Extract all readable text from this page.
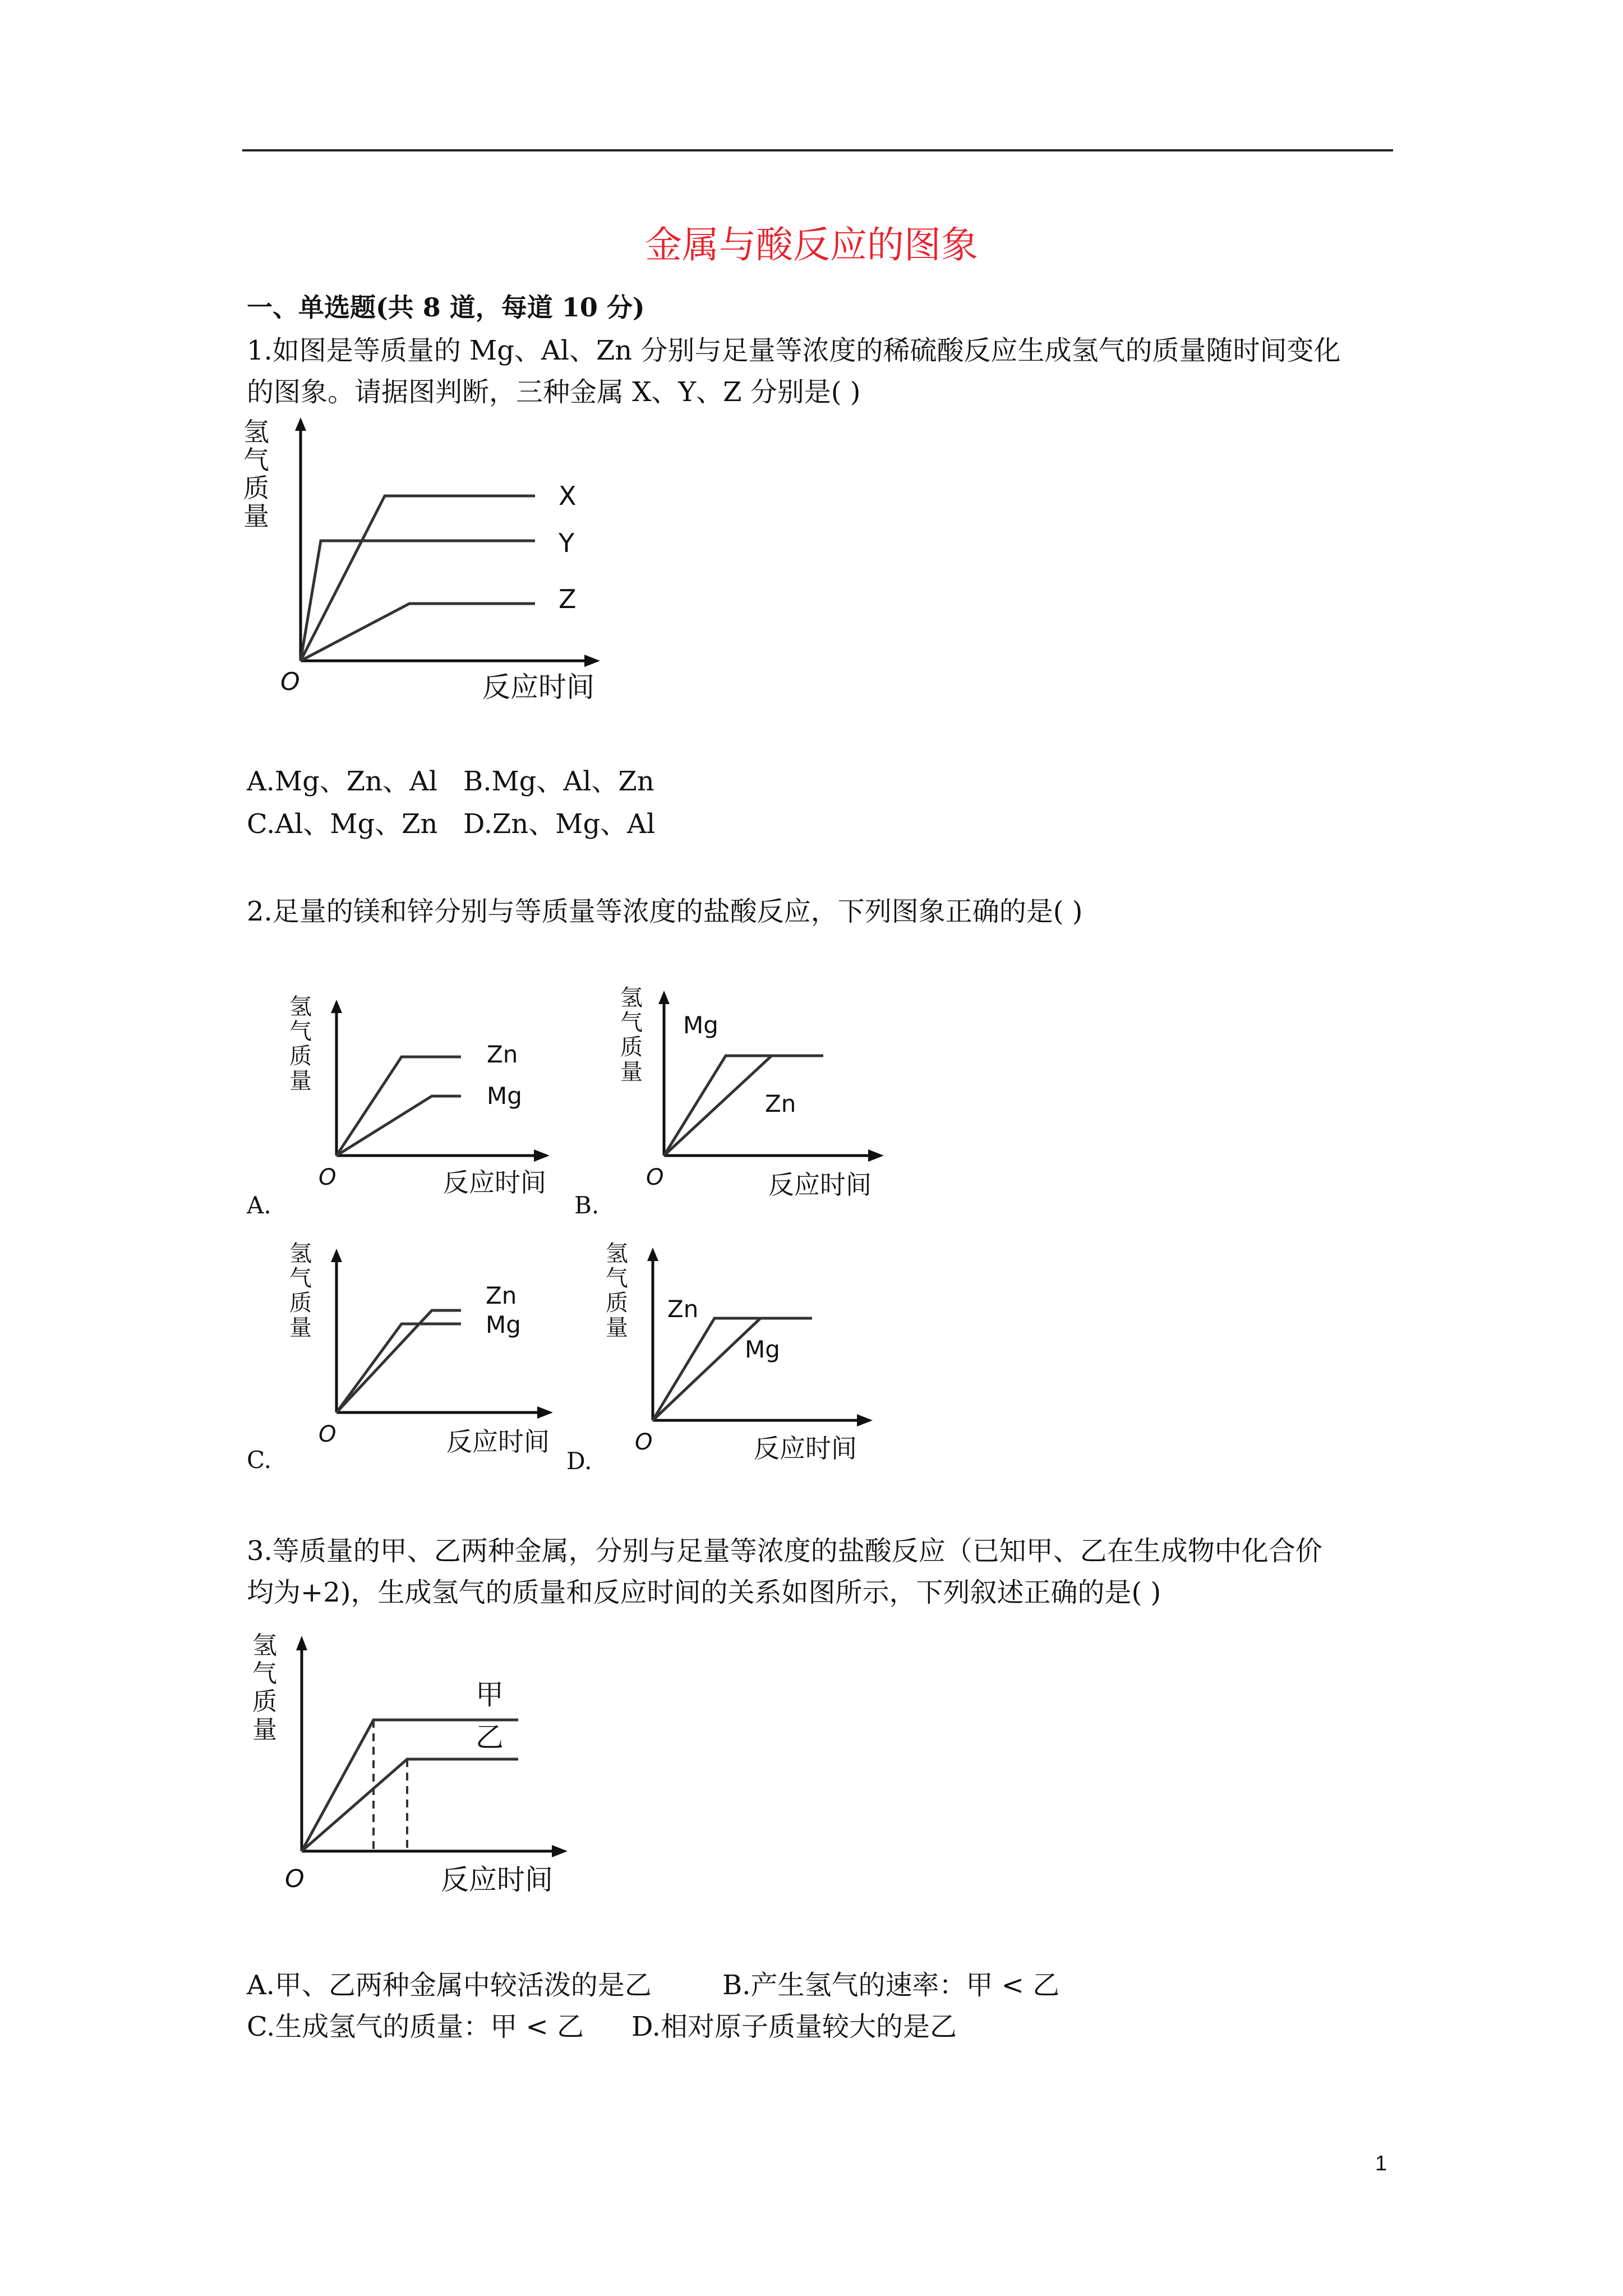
金属与酸反应的图象
一、单选题(共 8 道，每道 10 分)
1.如图是等质量的 Mg、Al、Zn 分别与足量等浓度的稀硫酸反应生成氢气的质量随时间变化
的图象。请据图判断，三种金属 X、Y、Z 分别是( )
氢
气
质
量
X
Y
Z
O	反应时间
A.Mg、Zn、Al B.Mg、Al、Zn
C.Al、Mg、Zn D.Zn、Mg、Al
2.足量的镁和锌分别与等质量等浓度的盐酸反应，下列图象正确的是( )
氢
气
质
量
Zn
Mg
O	反应时间
A.
氢
气
质
量
Mg
Zn
O	反应时间
B.
氢
气
质
量
Zn
Mg
O	反应时间
C.
氢
气
质
量
Zn
Mg
O	反应时间
D.
3.等质量的甲、乙两种金属，分别与足量等浓度的盐酸反应（已知甲、乙在生成物中化合价
均为+2)，生成氢气的质量和反应时间的关系如图所示，下列叙述正确的是( )
氢
气
质
量
甲
乙
O	反应时间
A.甲、乙两种金属中较活泼的是乙	B.产生氢气的速率：甲 < 乙
C.生成氢气的质量：甲 < 乙 D.相对原子质量较大的是乙
1
